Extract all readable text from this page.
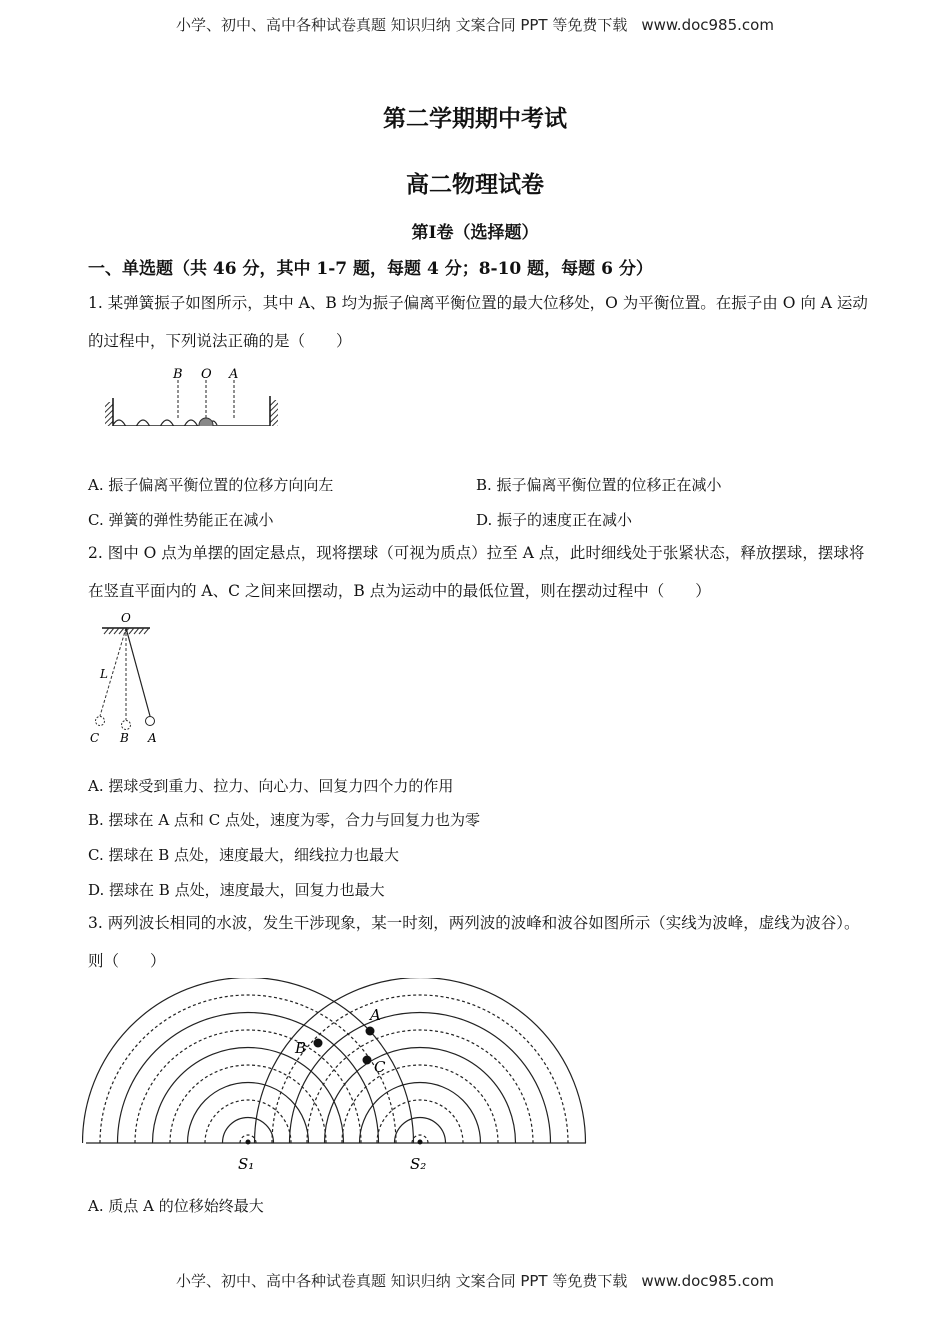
小学、初中、高中各种试卷真题 知识归纳 文案合同 PPT 等免费下载 www.doc985.com
第二学期期中考试
高二物理试卷
第Ⅰ卷（选择题）
一、单选题（共 46 分，其中 1-7 题，每题 4 分；8-10 题，每题 6 分）

1. 某弹簧振子如图所示，其中 A、B 均为振子偏离平衡位置的最大位移处，O 为平衡位置。在振子由 O 向 A 运动的过程中，下列说法正确的是（　　）

B O A
A. 振子偏离平衡位置的位移方向向左	B. 振子偏离平衡位置的位移正在减小
C. 弹簧的弹性势能正在减小	D. 振子的速度正在减小

2. 图中 O 点为单摆的固定悬点，现将摆球（可视为质点）拉至 A 点，此时细线处于张紧状态，释放摆球，摆球将在竖直平面内的 A、C 之间来回摆动，B 点为运动中的最低位置，则在摆动过程中（　　）

O
L
C B A
A. 摆球受到重力、拉力、向心力、回复力四个力的作用
B. 摆球在 A 点和 C 点处，速度为零，合力与回复力也为零
C. 摆球在 B 点处，速度最大，细线拉力也最大
D. 摆球在 B 点处，速度最大，回复力也最大

3. 两列波长相同的水波，发生干涉现象，某一时刻，两列波的波峰和波谷如图所示（实线为波峰，虚线为波谷）。则（　　）

A
B
C
S₁	S₂
A. 质点 A 的位移始终最大
小学、初中、高中各种试卷真题 知识归纳 文案合同 PPT 等免费下载 www.doc985.com
